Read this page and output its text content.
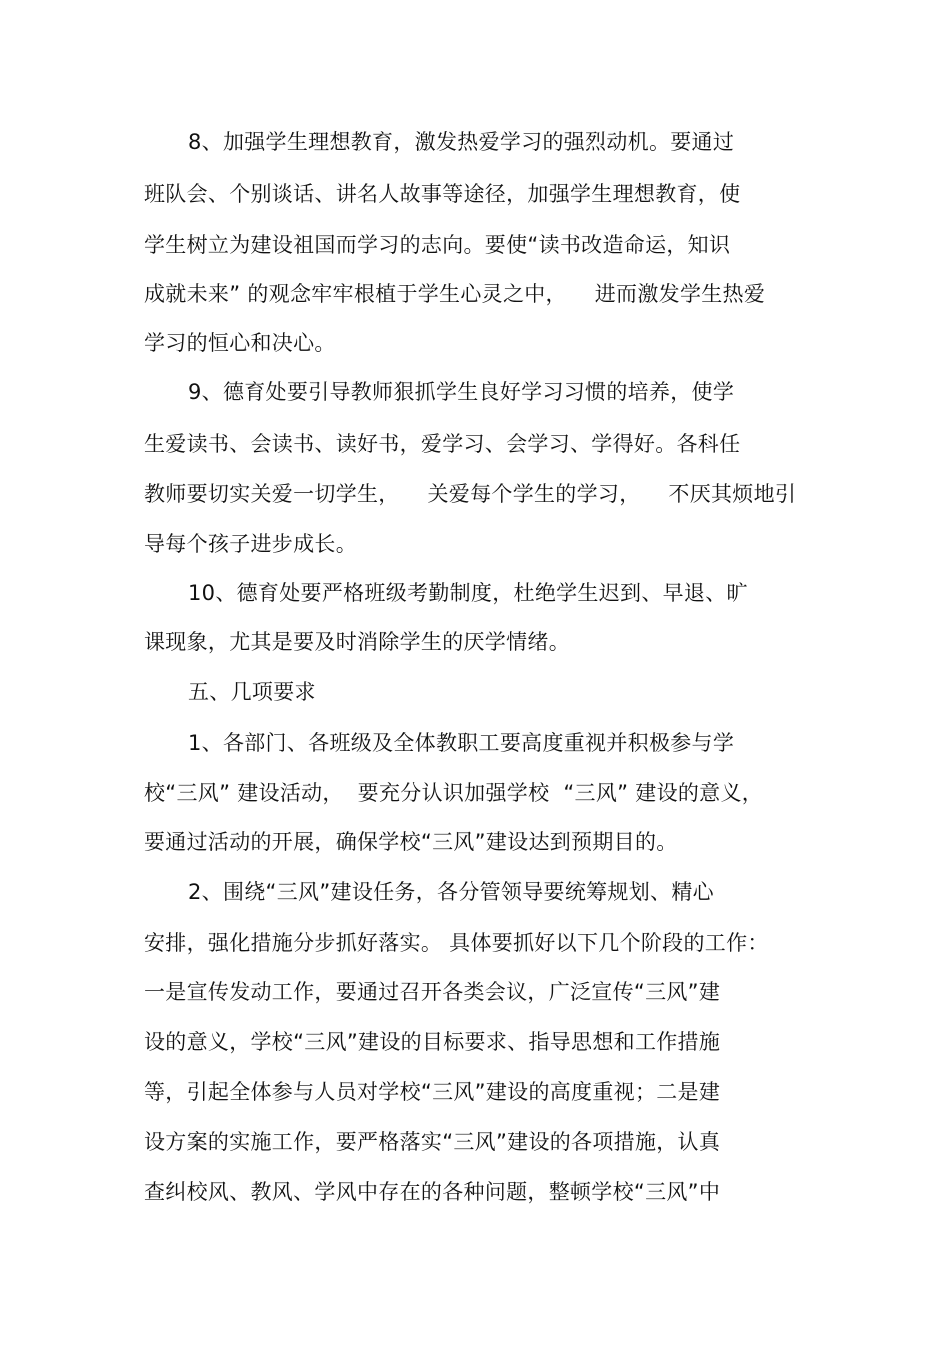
8、加强学生理想教育，激发热爱学习的强烈动机。要通过
班队会、个别谈话、讲名人故事等途径，加强学生理想教育，使
学生树立为建设祖国而学习的志向。要使“读书改造命运，知识
成就未来” 的观念牢牢根植于学生心灵之中，    进而激发学生热爱
学习的恒心和决心。
9、德育处要引导教师狠抓学生良好学习习惯的培养，使学
生爱读书、会读书、读好书，爱学习、会学习、学得好。各科任
教师要切实关爱一切学生，    关爱每个学生的学习，    不厌其烦地引
导每个孩子进步成长。
10、德育处要严格班级考勤制度，杜绝学生迟到、早退、旷
课现象，尤其是要及时消除学生的厌学情绪。
五、几项要求
1、各部门、各班级及全体教职工要高度重视并积极参与学
校“三风” 建设活动，  要充分认识加强学校  “三风” 建设的意义，
要通过活动的开展，确保学校“三风”建设达到预期目的。
2、围绕“三风”建设任务，各分管领导要统筹规划、精心
安排，强化措施分步抓好落实。 具体要抓好以下几个阶段的工作：
一是宣传发动工作，要通过召开各类会议，广泛宣传“三风”建
设的意义，学校“三风”建设的目标要求、指导思想和工作措施
等，引起全体参与人员对学校“三风”建设的高度重视；二是建
设方案的实施工作，要严格落实“三风”建设的各项措施，认真
查纠校风、教风、学风中存在的各种问题，整顿学校“三风”中
